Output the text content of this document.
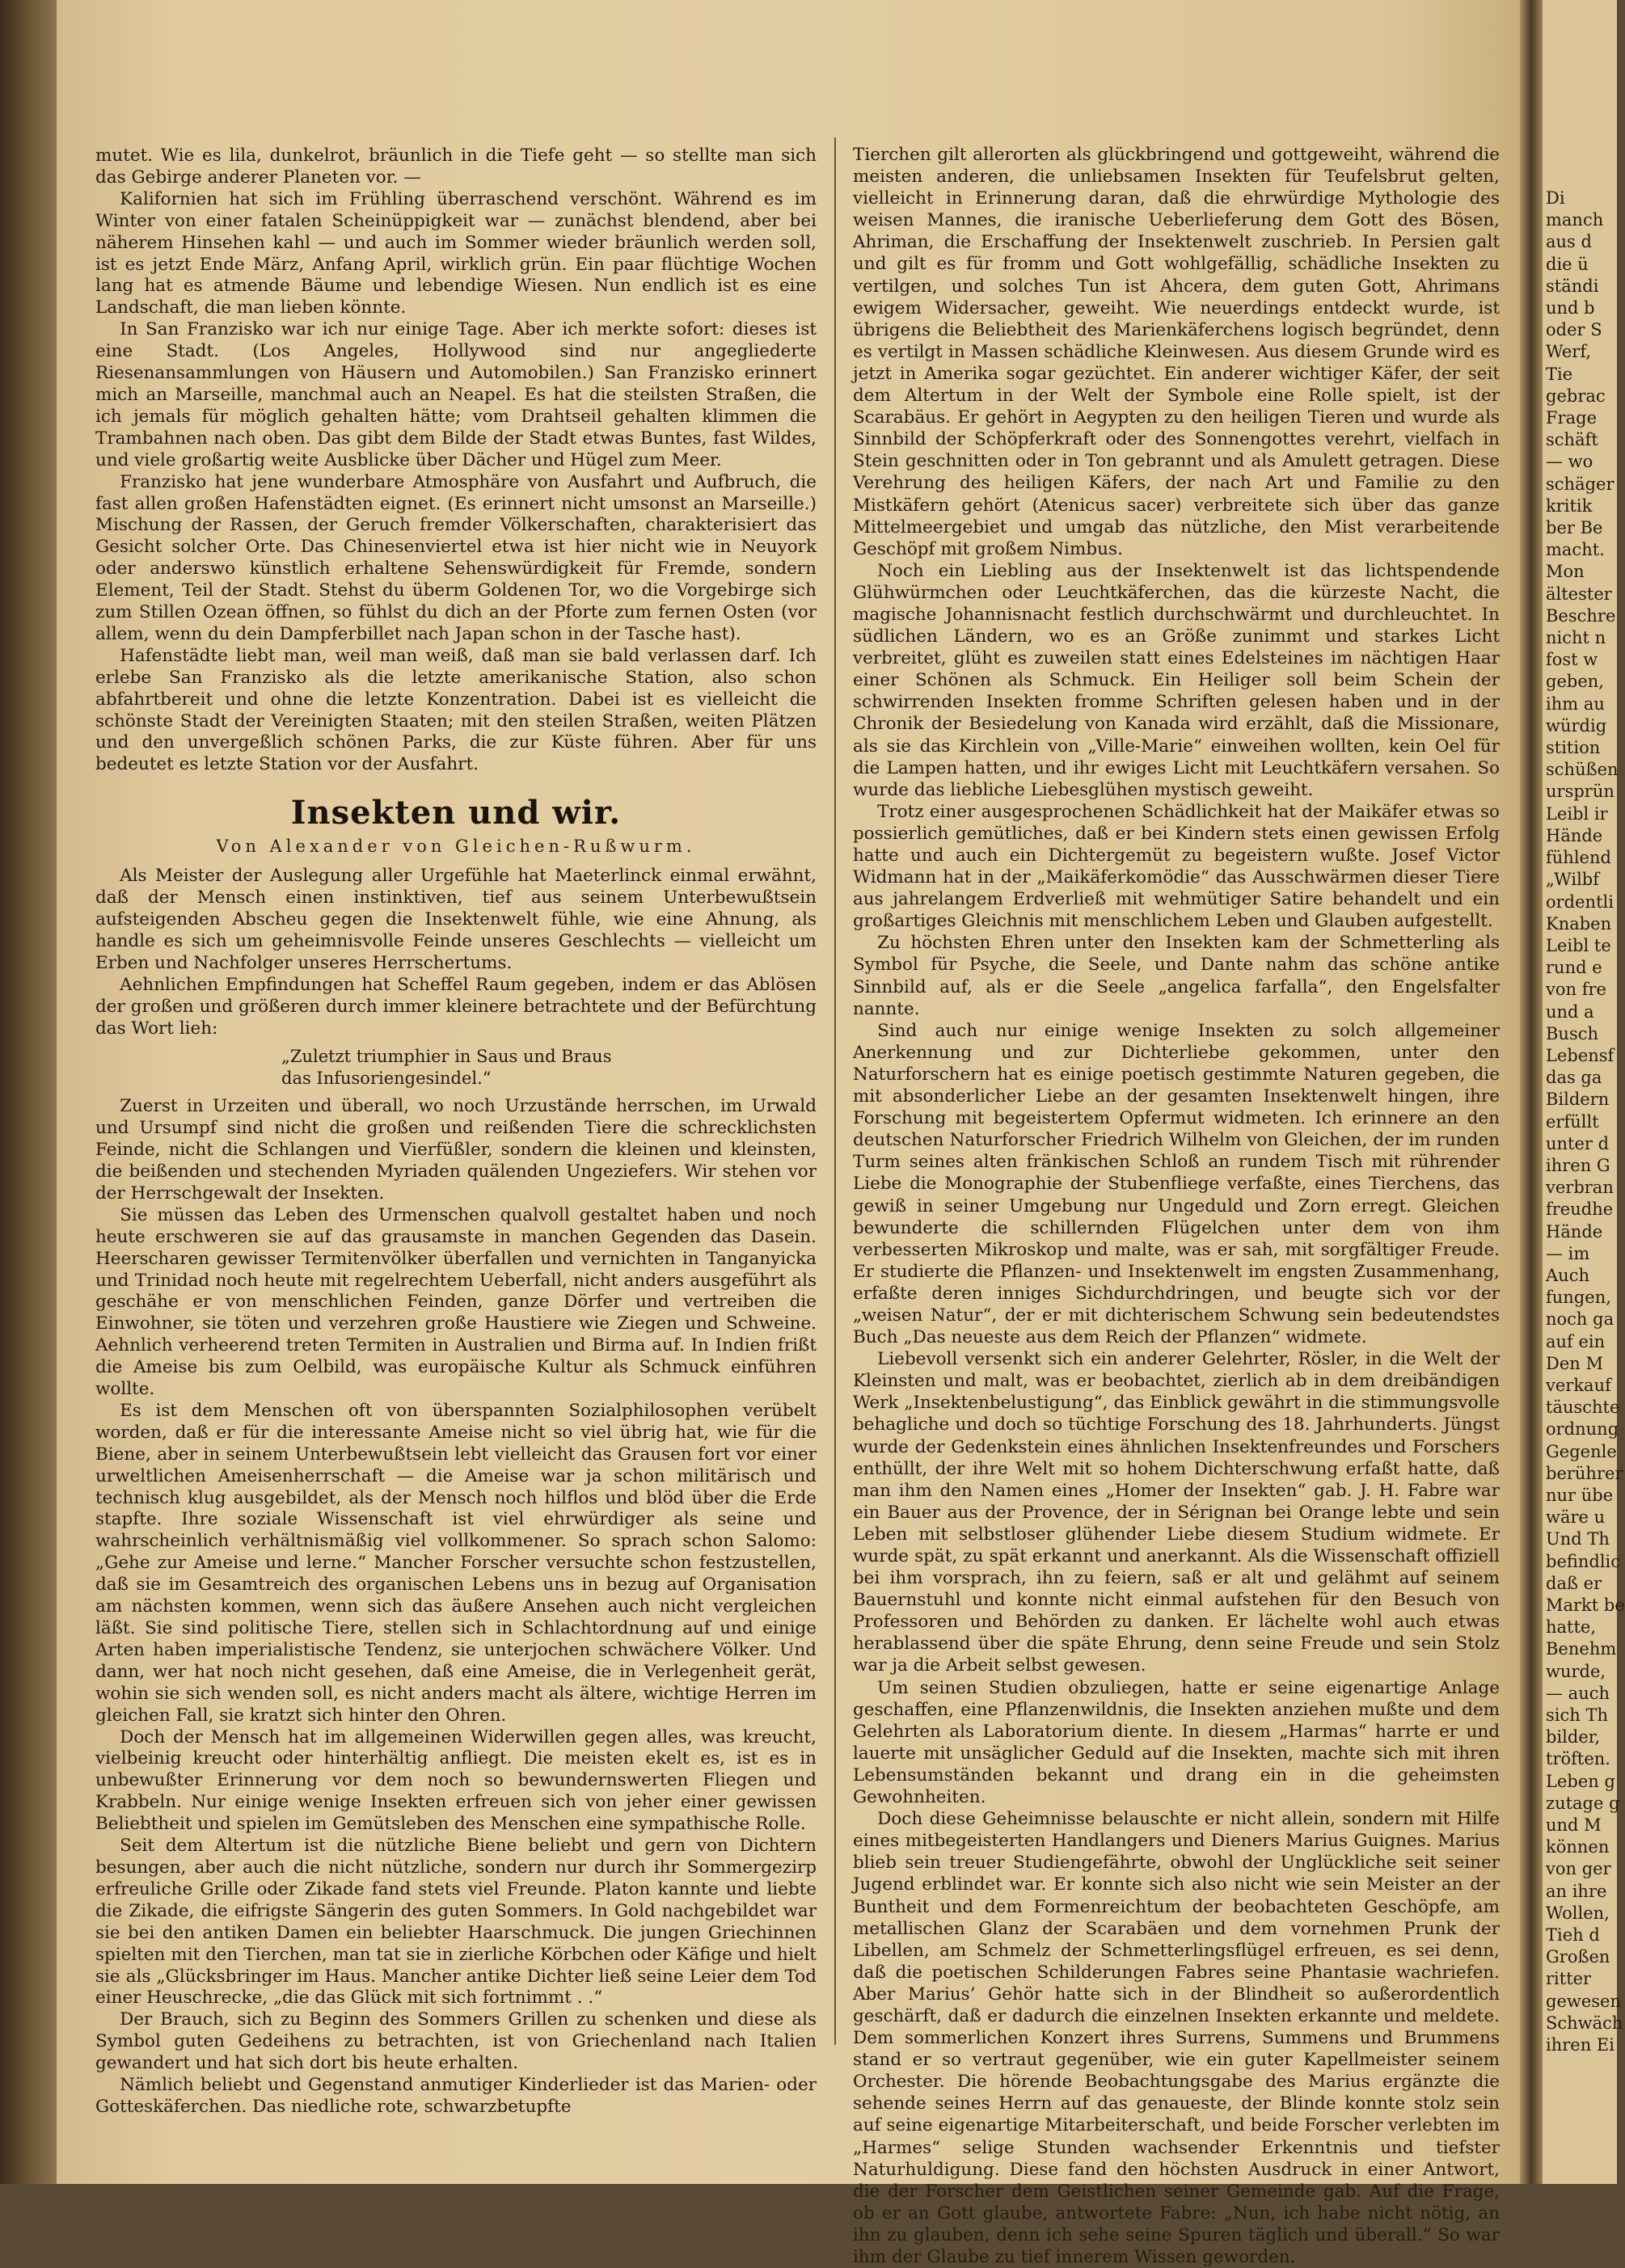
mutet. Wie es lila, dunkelrot, bräunlich in die Tiefe geht — so stellte man sich das Gebirge anderer Planeten vor. —

Kalifornien hat sich im Frühling überraschend verschönt. Während es im Winter von einer fatalen Scheinüppigkeit war — zunächst blendend, aber bei näherem Hinsehen kahl — und auch im Sommer wieder bräunlich werden soll, ist es jetzt Ende März, Anfang April, wirklich grün. Ein paar flüchtige Wochen lang hat es atmende Bäume und lebendige Wiesen. Nun endlich ist es eine Landschaft, die man lieben könnte.

In San Franzisko war ich nur einige Tage. Aber ich merkte sofort: dieses ist eine Stadt. (Los Angeles, Hollywood sind nur angegliederte Riesenansammlungen von Häusern und Automobilen.) San Franzisko erinnert mich an Marseille, manchmal auch an Neapel. Es hat die steilsten Straßen, die ich jemals für möglich gehalten hätte; vom Drahtseil gehalten klimmen die Trambahnen nach oben. Das gibt dem Bilde der Stadt etwas Buntes, fast Wildes, und viele großartig weite Ausblicke über Dächer und Hügel zum Meer.

Franzisko hat jene wunderbare Atmosphäre von Ausfahrt und Aufbruch, die fast allen großen Hafenstädten eignet. (Es erinnert nicht umsonst an Marseille.) Mischung der Rassen, der Geruch fremder Völkerschaften, charakterisiert das Gesicht solcher Orte. Das Chinesenviertel etwa ist hier nicht wie in Neuyork oder anderswo künstlich erhaltene Sehenswürdigkeit für Fremde, sondern Element, Teil der Stadt. Stehst du überm Goldenen Tor, wo die Vorgebirge sich zum Stillen Ozean öffnen, so fühlst du dich an der Pforte zum fernen Osten (vor allem, wenn du dein Dampferbillet nach Japan schon in der Tasche hast).

Hafenstädte liebt man, weil man weiß, daß man sie bald verlassen darf. Ich erlebe San Franzisko als die letzte amerikanische Station, also schon abfahrtbereit und ohne die letzte Konzentration. Dabei ist es vielleicht die schönste Stadt der Vereinigten Staaten; mit den steilen Straßen, weiten Plätzen und den unvergeßlich schönen Parks, die zur Küste führen. Aber für uns bedeutet es letzte Station vor der Ausfahrt.

Insekten und wir.
Von Alexander von Gleichen-Rußwurm.

Als Meister der Auslegung aller Urgefühle hat Maeterlinck einmal erwähnt, daß der Mensch einen instinktiven, tief aus seinem Unterbewußtsein aufsteigenden Abscheu gegen die Insektenwelt fühle, wie eine Ahnung, als handle es sich um geheimnisvolle Feinde unseres Geschlechts — vielleicht um Erben und Nachfolger unseres Herrschertums.

Aehnlichen Empfindungen hat Scheffel Raum gegeben, indem er das Ablösen der großen und größeren durch immer kleinere betrachtete und der Befürchtung das Wort lieh:

„Zuletzt triumphier in Saus und Braus
das Infusoriengesindel.“

Zuerst in Urzeiten und überall, wo noch Urzustände herrschen, im Urwald und Ursumpf sind nicht die großen und reißenden Tiere die schrecklichsten Feinde, nicht die Schlangen und Vierfüßler, sondern die kleinen und kleinsten, die beißenden und stechenden Myriaden quälenden Ungeziefers. Wir stehen vor der Herrschgewalt der Insekten.

Sie müssen das Leben des Urmenschen qualvoll gestaltet haben und noch heute erschweren sie auf das grausamste in manchen Gegenden das Dasein. Heerscharen gewisser Termitenvölker überfallen und vernichten in Tanganyicka und Trinidad noch heute mit regelrechtem Ueberfall, nicht anders ausgeführt als geschähe er von menschlichen Feinden, ganze Dörfer und vertreiben die Einwohner, sie töten und verzehren große Haustiere wie Ziegen und Schweine. Aehnlich verheerend treten Termiten in Australien und Birma auf. In Indien frißt die Ameise bis zum Oelbild, was europäische Kultur als Schmuck einführen wollte.

Es ist dem Menschen oft von überspannten Sozialphilosophen verübelt worden, daß er für die interessante Ameise nicht so viel übrig hat, wie für die Biene, aber in seinem Unterbewußtsein lebt vielleicht das Grausen fort vor einer urweltlichen Ameisenherrschaft — die Ameise war ja schon militärisch und technisch klug ausgebildet, als der Mensch noch hilflos und blöd über die Erde stapfte. Ihre soziale Wissenschaft ist viel ehrwürdiger als seine und wahrscheinlich verhältnismäßig viel vollkommener. So sprach schon Salomo: „Gehe zur Ameise und lerne.“ Mancher Forscher versuchte schon festzustellen, daß sie im Gesamtreich des organischen Lebens uns in bezug auf Organisation am nächsten kommen, wenn sich das äußere Ansehen auch nicht vergleichen läßt. Sie sind politische Tiere, stellen sich in Schlachtordnung auf und einige Arten haben imperialistische Tendenz, sie unterjochen schwächere Völker. Und dann, wer hat noch nicht gesehen, daß eine Ameise, die in Verlegenheit gerät, wohin sie sich wenden soll, es nicht anders macht als ältere, wichtige Herren im gleichen Fall, sie kratzt sich hinter den Ohren.

Doch der Mensch hat im allgemeinen Widerwillen gegen alles, was kreucht, vielbeinig kreucht oder hinterhältig anfliegt. Die meisten ekelt es, ist es in unbewußter Erinnerung vor dem noch so bewundernswerten Fliegen und Krabbeln. Nur einige wenige Insekten erfreuen sich von jeher einer gewissen Beliebtheit und spielen im Gemütsleben des Menschen eine sympathische Rolle.

Seit dem Altertum ist die nützliche Biene beliebt und gern von Dichtern besungen, aber auch die nicht nützliche, sondern nur durch ihr Sommergezirp erfreuliche Grille oder Zikade fand stets viel Freunde. Platon kannte und liebte die Zikade, die eifrigste Sängerin des guten Sommers. In Gold nachgebildet war sie bei den antiken Damen ein beliebter Haarschmuck. Die jungen Griechinnen spielten mit den Tierchen, man tat sie in zierliche Körbchen oder Käfige und hielt sie als „Glücksbringer im Haus. Mancher antike Dichter ließ seine Leier dem Tod einer Heuschrecke, „die das Glück mit sich fortnimmt . .“

Der Brauch, sich zu Beginn des Sommers Grillen zu schenken und diese als Symbol guten Gedeihens zu betrachten, ist von Griechenland nach Italien gewandert und hat sich dort bis heute erhalten.

Nämlich beliebt und Gegenstand anmutiger Kinderlieder ist das Marien- oder Gotteskäferchen. Das niedliche rote, schwarzbetupfte

Tierchen gilt allerorten als glückbringend und gottgeweiht, während die meisten anderen, die unliebsamen Insekten für Teufelsbrut gelten, vielleicht in Erinnerung daran, daß die ehrwürdige Mythologie des weisen Mannes, die iranische Ueberlieferung dem Gott des Bösen, Ahriman, die Erschaffung der Insektenwelt zuschrieb. In Persien galt und gilt es für fromm und Gott wohlgefällig, schädliche Insekten zu vertilgen, und solches Tun ist Ahcera, dem guten Gott, Ahrimans ewigem Widersacher, geweiht. Wie neuerdings entdeckt wurde, ist übrigens die Beliebtheit des Marienkäferchens logisch begründet, denn es vertilgt in Massen schädliche Kleinwesen. Aus diesem Grunde wird es jetzt in Amerika sogar gezüchtet. Ein anderer wichtiger Käfer, der seit dem Altertum in der Welt der Symbole eine Rolle spielt, ist der Scarabäus. Er gehört in Aegypten zu den heiligen Tieren und wurde als Sinnbild der Schöpferkraft oder des Sonnengottes verehrt, vielfach in Stein geschnitten oder in Ton gebrannt und als Amulett getragen. Diese Verehrung des heiligen Käfers, der nach Art und Familie zu den Mistkäfern gehört (Atenicus sacer) verbreitete sich über das ganze Mittelmeergebiet und umgab das nützliche, den Mist verarbeitende Geschöpf mit großem Nimbus.

Noch ein Liebling aus der Insektenwelt ist das lichtspendende Glühwürmchen oder Leuchtkäferchen, das die kürzeste Nacht, die magische Johannisnacht festlich durchschwärmt und durchleuchtet. In südlichen Ländern, wo es an Größe zunimmt und starkes Licht verbreitet, glüht es zuweilen statt eines Edelsteines im nächtigen Haar einer Schönen als Schmuck. Ein Heiliger soll beim Schein der schwirrenden Insekten fromme Schriften gelesen haben und in der Chronik der Besiedelung von Kanada wird erzählt, daß die Missionare, als sie das Kirchlein von „Ville-Marie“ einweihen wollten, kein Oel für die Lampen hatten, und ihr ewiges Licht mit Leuchtkäfern versahen. So wurde das liebliche Liebesglühen mystisch geweiht.

Trotz einer ausgesprochenen Schädlichkeit hat der Maikäfer etwas so possierlich gemütliches, daß er bei Kindern stets einen gewissen Erfolg hatte und auch ein Dichtergemüt zu begeistern wußte. Josef Victor Widmann hat in der „Maikäferkomödie“ das Ausschwärmen dieser Tiere aus jahrelangem Erdverließ mit wehmütiger Satire behandelt und ein großartiges Gleichnis mit menschlichem Leben und Glauben aufgestellt.

Zu höchsten Ehren unter den Insekten kam der Schmetterling als Symbol für Psyche, die Seele, und Dante nahm das schöne antike Sinnbild auf, als er die Seele „angelica farfalla“, den Engelsfalter nannte.

Sind auch nur einige wenige Insekten zu solch allgemeiner Anerkennung und zur Dichterliebe gekommen, unter den Naturforschern hat es einige poetisch gestimmte Naturen gegeben, die mit absonderlicher Liebe an der gesamten Insektenwelt hingen, ihre Forschung mit begeistertem Opfermut widmeten. Ich erinnere an den deutschen Naturforscher Friedrich Wilhelm von Gleichen, der im runden Turm seines alten fränkischen Schloß an rundem Tisch mit rührender Liebe die Monographie der Stubenfliege verfaßte, eines Tierchens, das gewiß in seiner Umgebung nur Ungeduld und Zorn erregt. Gleichen bewunderte die schillernden Flügelchen unter dem von ihm verbesserten Mikroskop und malte, was er sah, mit sorgfältiger Freude. Er studierte die Pflanzen- und Insektenwelt im engsten Zusammenhang, erfaßte deren inniges Sichdurchdringen, und beugte sich vor der „weisen Natur“, der er mit dichterischem Schwung sein bedeutendstes Buch „Das neueste aus dem Reich der Pflanzen“ widmete.

Liebevoll versenkt sich ein anderer Gelehrter, Rösler, in die Welt der Kleinsten und malt, was er beobachtet, zierlich ab in dem dreibändigen Werk „Insektenbelustigung“, das Einblick gewährt in die stimmungsvolle behagliche und doch so tüchtige Forschung des 18. Jahrhunderts. Jüngst wurde der Gedenkstein eines ähnlichen Insektenfreundes und Forschers enthüllt, der ihre Welt mit so hohem Dichterschwung erfaßt hatte, daß man ihm den Namen eines „Homer der Insekten“ gab. J. H. Fabre war ein Bauer aus der Provence, der in Sérignan bei Orange lebte und sein Leben mit selbstloser glühender Liebe diesem Studium widmete. Er wurde spät, zu spät erkannt und anerkannt. Als die Wissenschaft offiziell bei ihm vorsprach, ihn zu feiern, saß er alt und gelähmt auf seinem Bauernstuhl und konnte nicht einmal aufstehen für den Besuch von Professoren und Behörden zu danken. Er lächelte wohl auch etwas herablassend über die späte Ehrung, denn seine Freude und sein Stolz war ja die Arbeit selbst gewesen.

Um seinen Studien obzuliegen, hatte er seine eigenartige Anlage geschaffen, eine Pflanzenwildnis, die Insekten anziehen mußte und dem Gelehrten als Laboratorium diente. In diesem „Harmas“ harrte er und lauerte mit unsäglicher Geduld auf die Insekten, machte sich mit ihren Lebensumständen bekannt und drang ein in die geheimsten Gewohnheiten.

Doch diese Geheimnisse belauschte er nicht allein, sondern mit Hilfe eines mitbegeisterten Handlangers und Dieners Marius Guignes. Marius blieb sein treuer Studiengefährte, obwohl der Unglückliche seit seiner Jugend erblindet war. Er konnte sich also nicht wie sein Meister an der Buntheit und dem Formenreichtum der beobachteten Geschöpfe, am metallischen Glanz der Scarabäen und dem vornehmen Prunk der Libellen, am Schmelz der Schmetterlingsflügel erfreuen, es sei denn, daß die poetischen Schilderungen Fabres seine Phantasie wachriefen. Aber Marius’ Gehör hatte sich in der Blindheit so außerordentlich geschärft, daß er dadurch die einzelnen Insekten erkannte und meldete. Dem sommerlichen Konzert ihres Surrens, Summens und Brummens stand er so vertraut gegenüber, wie ein guter Kapellmeister seinem Orchester. Die hörende Beobachtungsgabe des Marius ergänzte die sehende seines Herrn auf das genaueste, der Blinde konnte stolz sein auf seine eigenartige Mitarbeiterschaft, und beide Forscher verlebten im „Harmes“ selige Stunden wachsender Erkenntnis und tiefster Naturhuldigung. Diese fand den höchsten Ausdruck in einer Antwort, die der Forscher dem Geistlichen seiner Gemeinde gab. Auf die Frage, ob er an Gott glaube, antwortete Fabre: „Nun, ich habe nicht nötig, an ihn zu glauben, denn ich sehe seine Spuren täglich und überall.“ So war ihm der Glaube zu tief innerem Wissen geworden.

Di
manch
aus d
die ü
ständi
und b
oder S
Werf,
Tie
gebrac
Frage
schäft
— wo
schäger
kritik
ber Be
macht.
Mon
ältester
Beschre
nicht n
fost w
geben,
ihm au
würdig
stition
schüßen
ursprün
Leibl ir
Hände
fühlend
„Wilbf
ordentli
Knaben
Leibl te
rund e
von fre
und a
Busch
Lebensf
das ga
Bildern
erfüllt
unter d
ihren G
verbran
freudhe
Hände
— im
Auch
fungen,
noch ga
auf ein
Den M
verkauf
täuschte
ordnung
Gegenle
berührer
nur übe
wäre u
Und Th
befindlic
daß er
Markt be
hatte,
Benehm
wurde,
— auch
sich Th
bilder,
tröften.
Leben g
zutage g
und M
können
von ger
an ihre
Wollen,
Tieh d
Großen
ritter
gewesen
Schwäch
ihren Ei
